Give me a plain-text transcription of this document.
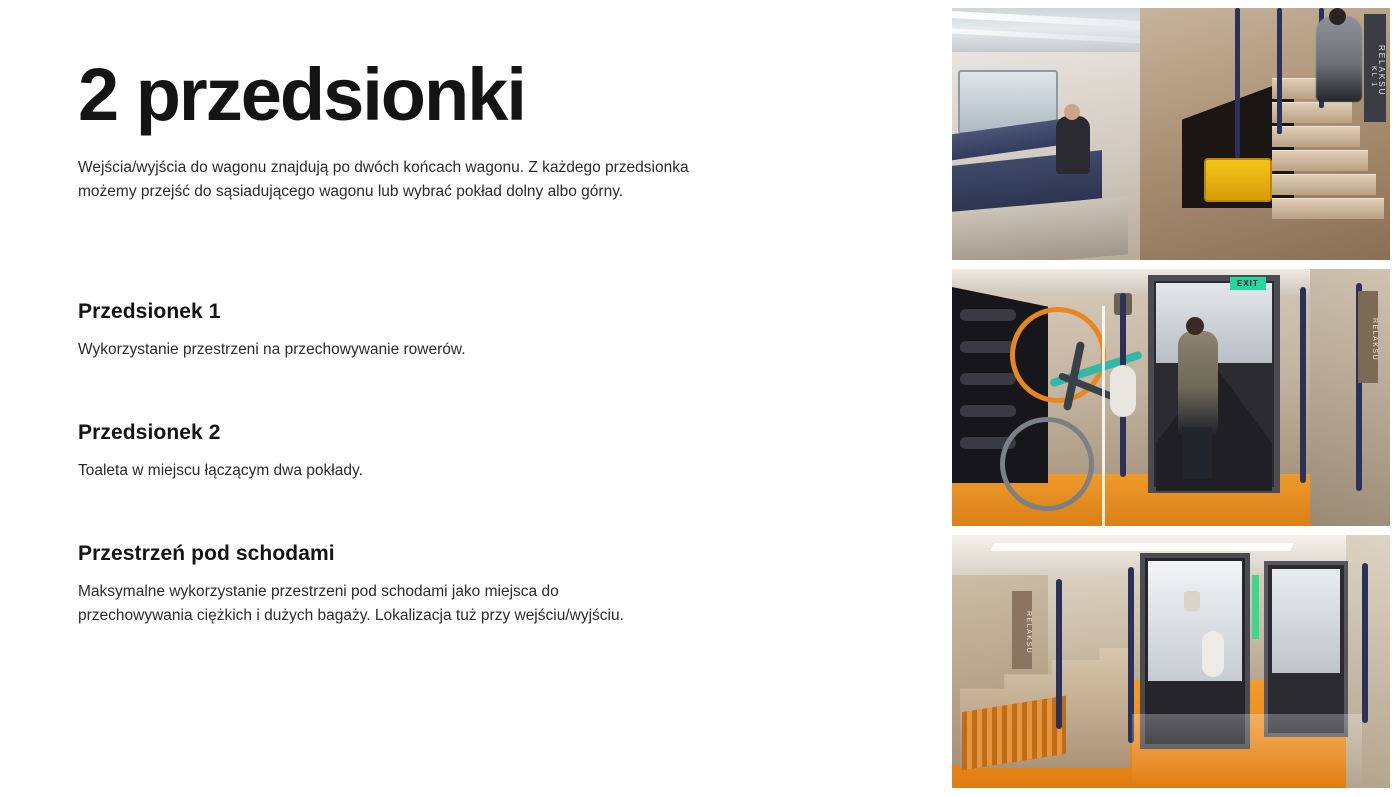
2 przedsionki

Wejścia/wyjścia do wagonu znajdują po dwóch końcach wagonu. Z każdego przedsionka możemy przejść do sąsiadującego wagonu lub wybrać pokład dolny albo górny.

Przedsionek 1

Wykorzystanie przestrzeni na przechowywanie rowerów.

Przedsionek 2

Toaleta w miejscu łączącym dwa pokłady.

Przestrzeń pod schodami

Maksymalne wykorzystanie przestrzeni pod schodami jako miejsca do przechowywania ciężkich i dużych bagaży. Lokalizacja tuż przy wejściu/wyjściu.

RELAKSU
KL 1
EXIT
RELAKSU
RELAKSU
